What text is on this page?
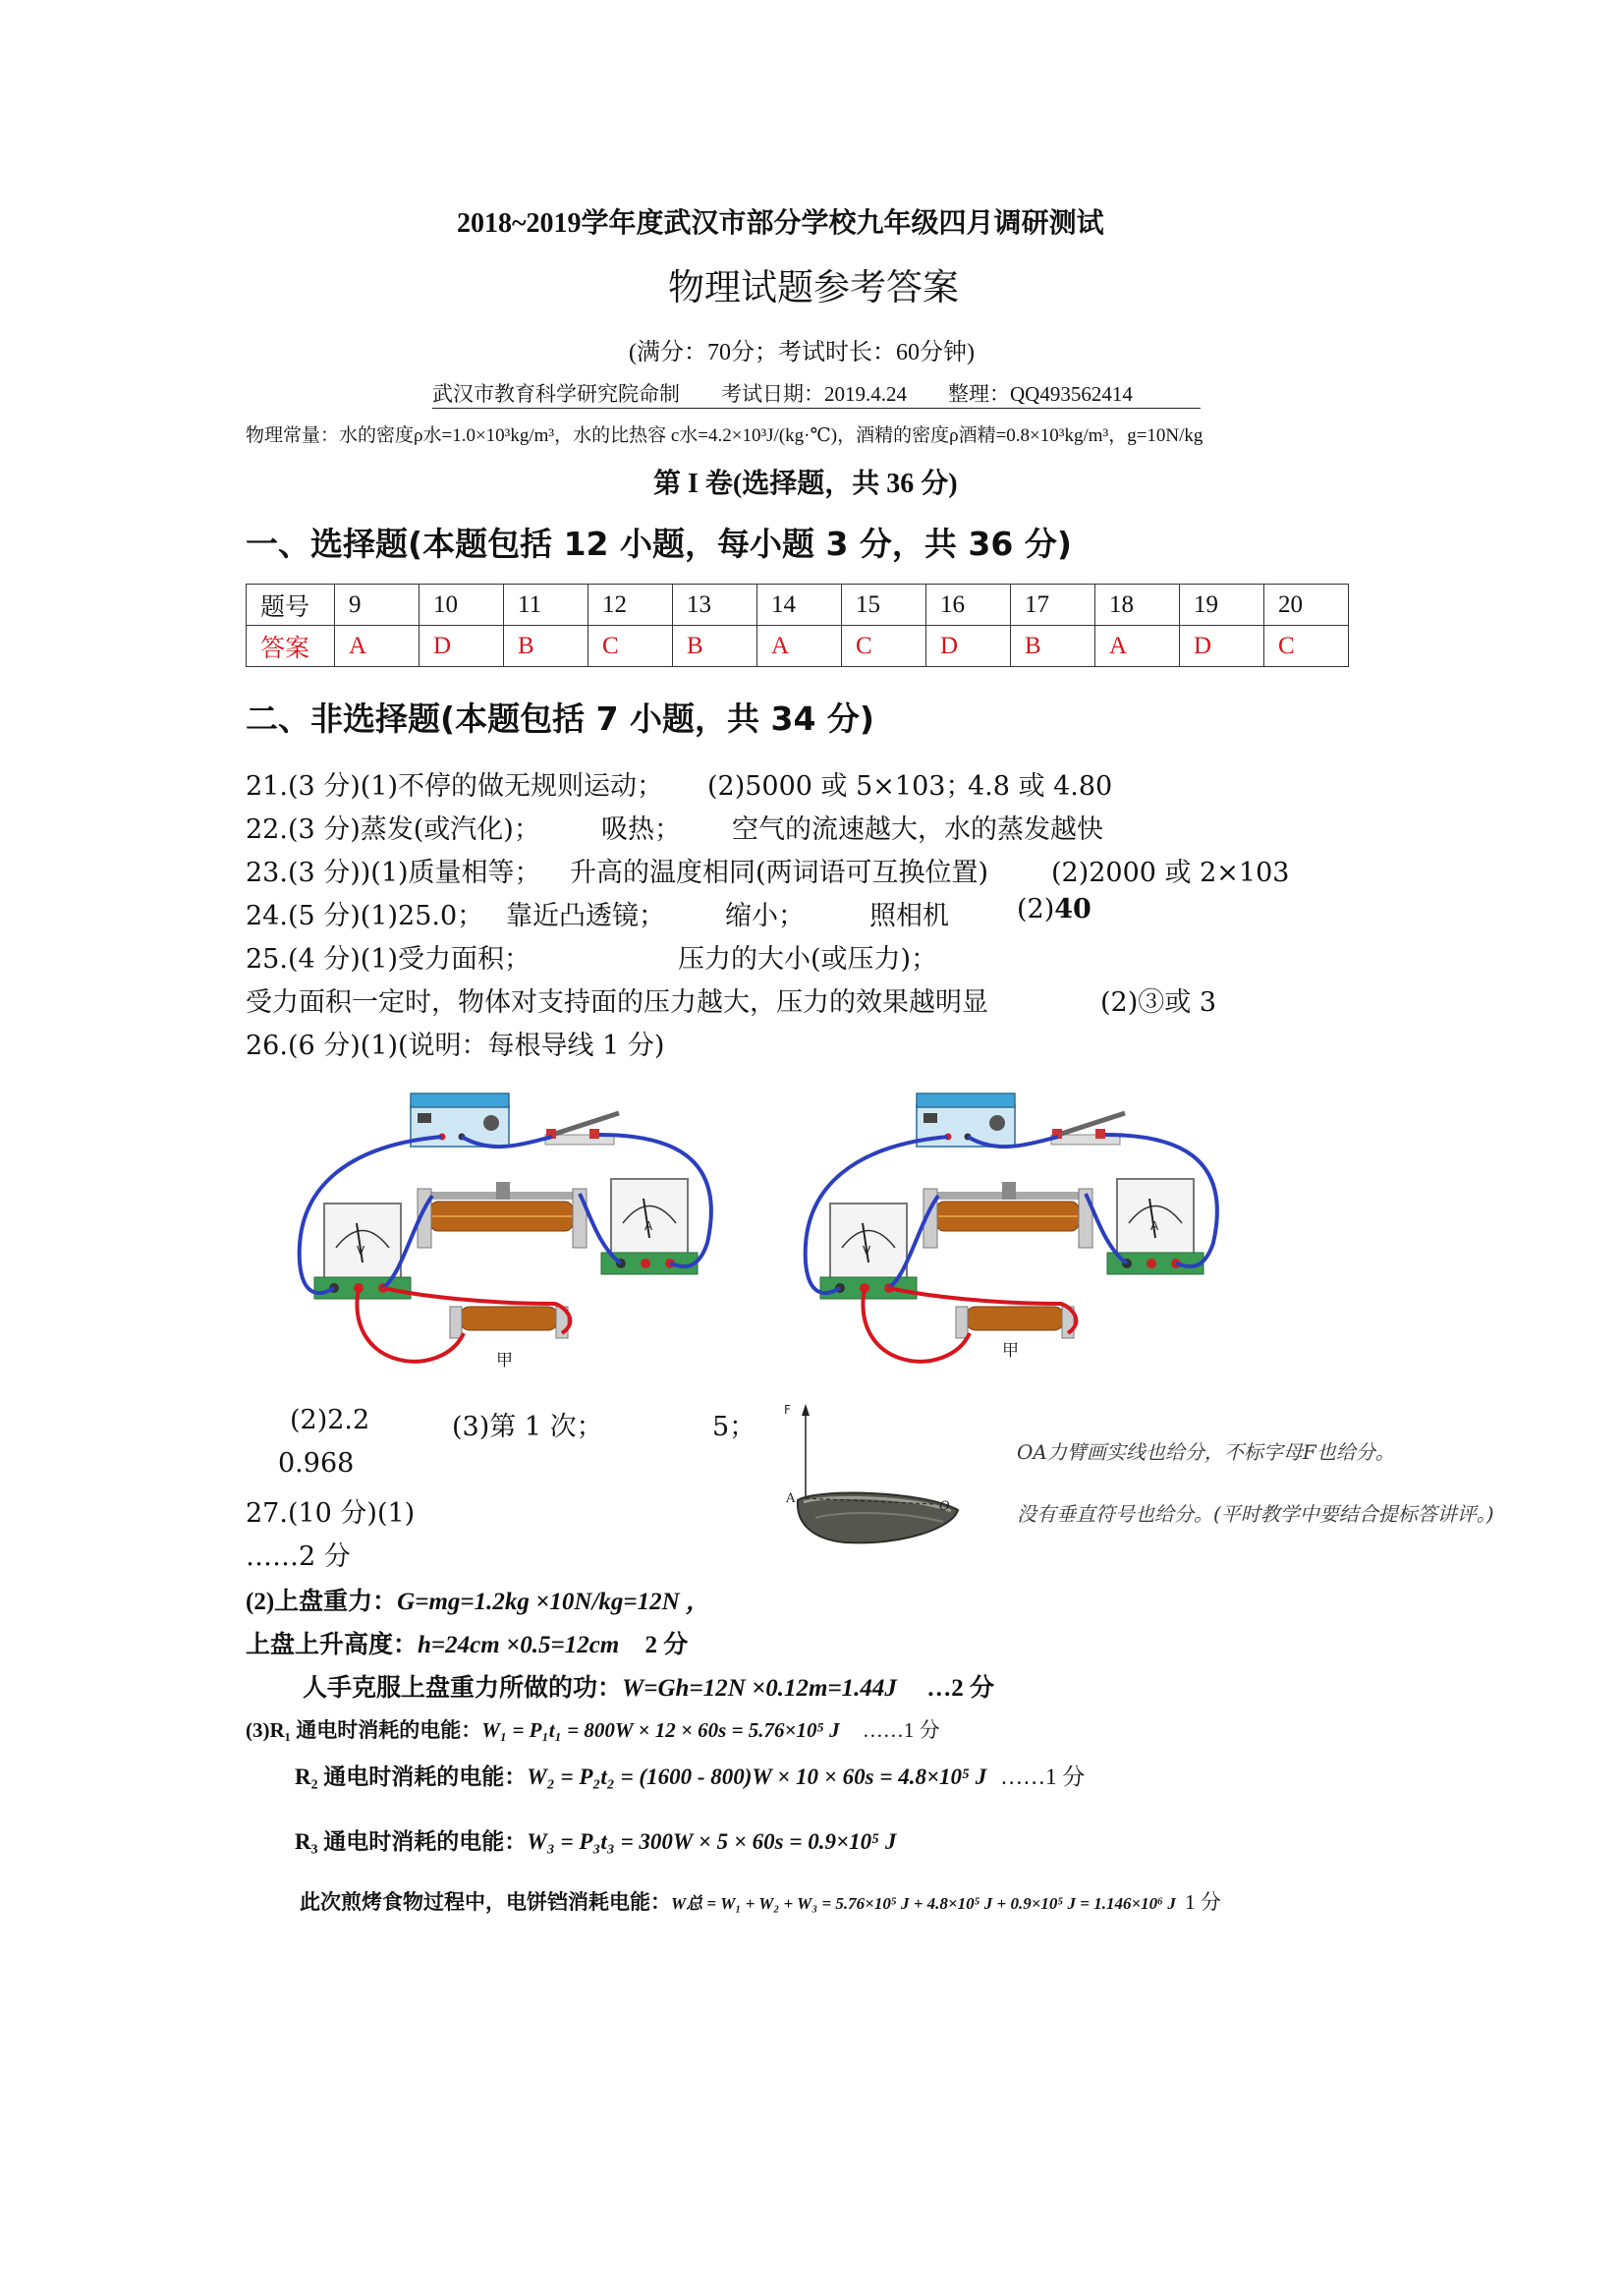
2018~2019学年度武汉市部分学校九年级四月调研测试
物理试题参考答案
(满分：70分；考试时长：60分钟)
武汉市教育科学研究院命制　　考试日期：2019.4.24　　整理：QQ493562414
物理常量：水的密度ρ水=1.0×10³kg/m³，水的比热容 c水=4.2×10³J/(kg·℃)，酒精的密度ρ酒精=0.8×10³kg/m³，g=10N/kg
第 I 卷(选择题，共 36 分)
一、选择题(本题包括 12 小题，每小题 3 分，共 36 分)
题号	9	10	11	12	13	14	15	16	17	18	19	20
答案	A	D	B	C	B	A	C	D	B	A	D	C
二、非选择题(本题包括 7 小题，共 34 分)
21.(3 分)(1)不停的做无规则运动； (2)5000 或 5×103；
4.8 或 4.80
22.(3 分)蒸发(或汽化)； 吸热； 空气的流速越大，水的蒸发越快
23.(3 分))(1)质量相等； 升高的温度相同(两词语可互换位置) (2)2000 或 2×103
24.(5 分)(1)25.0； 靠近凸透镜； 缩小； 照相机	(2)40
25.(4 分)(1)受力面积；	压力的大小(或压力)；
受力面积一定时，物体对支持面的压力越大，压力的效果越明显	(2)③或 3
26.(6 分)(1)(说明：每根导线 1 分)
V
A
甲
V
A
甲
(2)2.2	(3)第 1 次；	5；
0.968
27.(10 分)(1)
……2 分
F
A
O
OA力臂画实线也给分，不标字母F也给分。
没有垂直符号也给分。(平时教学中要结合提标答讲评。)
(2)上盘重力：G=mg=1.2kg ×10N/kg=12N ，
上盘上升高度：h=24cm ×0.5=12cm 2 分
人手克服上盘重力所做的功：W=Gh=12N ×0.12m=1.44J …2 分
(3)R₁ 通电时消耗的电能：W₁ = P₁t₁ = 800W × 12 × 60s = 5.76×10⁵ J ……1 分
R₂ 通电时消耗的电能：W₂ = P₂t₂ = (1600 - 800)W × 10 × 60s = 4.8×10⁵ J ……1 分
R₃ 通电时消耗的电能：W₃ = P₃t₃ = 300W × 5 × 60s = 0.9×10⁵ J
此次煎烤食物过程中，电饼铛消耗电能：W总 = W₁ + W₂ + W₃ = 5.76×10⁵ J + 4.8×10⁵ J + 0.9×10⁵ J = 1.146×10⁶ J 1 分
